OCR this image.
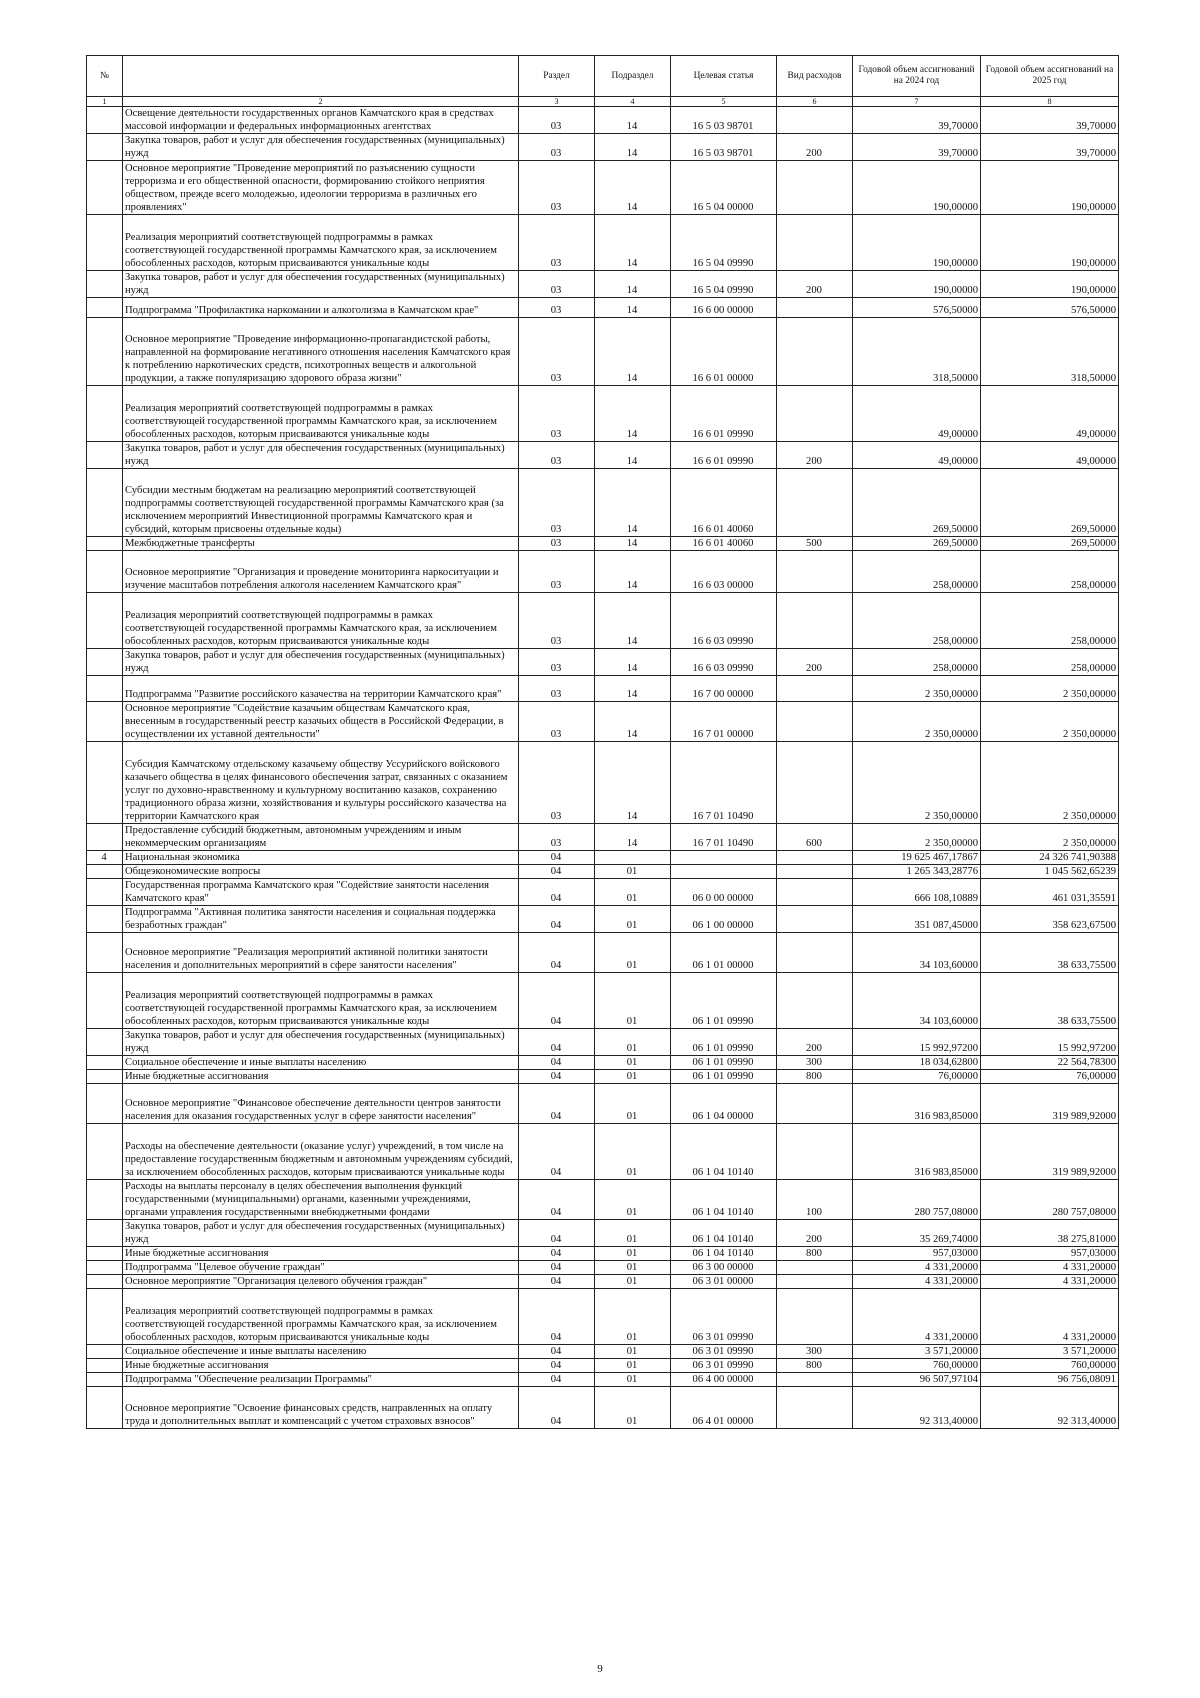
№		Раздел	Подраздел	Целевая статья	Вид расходов	Годовой объем ассигнований на 2024 год	Годовой объем ассигнований на 2025 год
1	2	3	4	5	6	7	8
	Освещение деятельности государственных органов Камчатского края в средствах массовой информации и федеральных информационных агентствах	03	14	16 5 03 98701		39,70000	39,70000
	Закупка товаров, работ и услуг для обеспечения государственных (муниципальных) нужд	03	14	16 5 03 98701	200	39,70000	39,70000
	Основное мероприятие "Проведение мероприятий по разъяснению сущности терроризма и его общественной опасности, формированию стойкого неприятия обществом, прежде всего молодежью, идеологии терроризма в различных его проявлениях"	03	14	16 5 04 00000		190,00000	190,00000
	Реализация мероприятий соответствующей подпрограммы в рамках соответствующей государственной программы Камчатского края, за исключением обособленных расходов, которым присваиваются уникальные коды	03	14	16 5 04 09990		190,00000	190,00000
	Закупка товаров, работ и услуг для обеспечения государственных (муниципальных) нужд	03	14	16 5 04 09990	200	190,00000	190,00000
	Подпрограмма "Профилактика наркомании и алкоголизма в Камчатском крае"	03	14	16 6 00 00000		576,50000	576,50000
	Основное мероприятие "Проведение информационно-пропагандистской работы, направленной на формирование негативного отношения населения Камчатского края к потреблению наркотических средств, психотропных веществ и алкогольной продукции, а также популяризацию здорового образа жизни"	03	14	16 6 01 00000		318,50000	318,50000
	Реализация мероприятий соответствующей подпрограммы в рамках соответствующей государственной программы Камчатского края, за исключением обособленных расходов, которым присваиваются уникальные коды	03	14	16 6 01 09990		49,00000	49,00000
	Закупка товаров, работ и услуг для обеспечения государственных (муниципальных) нужд	03	14	16 6 01 09990	200	49,00000	49,00000
	Субсидии местным бюджетам на реализацию мероприятий соответствующей подпрограммы соответствующей государственной программы Камчатского края (за исключением мероприятий Инвестиционной программы Камчатского края и субсидий, которым присвоены отдельные коды)	03	14	16 6 01 40060		269,50000	269,50000
	Межбюджетные трансферты	03	14	16 6 01 40060	500	269,50000	269,50000
	Основное мероприятие "Организация и проведение мониторинга наркоситуации и изучение масштабов потребления алкоголя населением Камчатского края"	03	14	16 6 03 00000		258,00000	258,00000
	Реализация мероприятий соответствующей подпрограммы в рамках соответствующей государственной программы Камчатского края, за исключением обособленных расходов, которым присваиваются уникальные коды	03	14	16 6 03 09990		258,00000	258,00000
	Закупка товаров, работ и услуг для обеспечения государственных (муниципальных) нужд	03	14	16 6 03 09990	200	258,00000	258,00000
	Подпрограмма "Развитие российского казачества на территории Камчатского края"	03	14	16 7 00 00000		2 350,00000	2 350,00000
	Основное мероприятие "Содействие казачьим обществам Камчатского края, внесенным в государственный реестр казачьих обществ в Российской Федерации, в осуществлении их уставной деятельности"	03	14	16 7 01 00000		2 350,00000	2 350,00000
	Субсидия Камчатскому отдельскому казачьему обществу Уссурийского войскового казачьего общества в целях финансового обеспечения затрат, связанных с оказанием услуг по духовно-нравственному и культурному воспитанию казаков, сохранению традиционного образа жизни, хозяйствования и культуры российского казачества на территории Камчатского края	03	14	16 7 01 10490		2 350,00000	2 350,00000
	Предоставление субсидий бюджетным, автономным учреждениям и иным некоммерческим организациям	03	14	16 7 01 10490	600	2 350,00000	2 350,00000
4	Национальная экономика	04				19 625 467,17867	24 326 741,90388
	Общеэкономические вопросы	04	01			1 265 343,28776	1 045 562,65239
	Государственная программа Камчатского края "Содействие занятости населения Камчатского края"	04	01	06 0 00 00000		666 108,10889	461 031,35591
	Подпрограмма "Активная политика занятости населения и социальная поддержка безработных граждан"	04	01	06 1 00 00000		351 087,45000	358 623,67500
	Основное мероприятие "Реализация мероприятий активной политики занятости населения и дополнительных мероприятий в сфере занятости населения"	04	01	06 1 01 00000		34 103,60000	38 633,75500
	Реализация мероприятий соответствующей подпрограммы в рамках соответствующей государственной программы Камчатского края, за исключением обособленных расходов, которым присваиваются уникальные коды	04	01	06 1 01 09990		34 103,60000	38 633,75500
	Закупка товаров, работ и услуг для обеспечения государственных (муниципальных) нужд	04	01	06 1 01 09990	200	15 992,97200	15 992,97200
	Социальное обеспечение и иные выплаты населению	04	01	06 1 01 09990	300	18 034,62800	22 564,78300
	Иные бюджетные ассигнования	04	01	06 1 01 09990	800	76,00000	76,00000
	Основное мероприятие "Финансовое обеспечение деятельности центров занятости населения для оказания государственных услуг в сфере занятости населения"	04	01	06 1 04 00000		316 983,85000	319 989,92000
	Расходы на обеспечение деятельности (оказание услуг) учреждений, в том числе на предоставление государственным бюджетным и автономным учреждениям субсидий, за исключением обособленных расходов, которым присваиваются уникальные коды	04	01	06 1 04 10140		316 983,85000	319 989,92000
	Расходы на выплаты персоналу в целях обеспечения выполнения функций государственными (муниципальными) органами, казенными учреждениями, органами управления государственными внебюджетными фондами	04	01	06 1 04 10140	100	280 757,08000	280 757,08000
	Закупка товаров, работ и услуг для обеспечения государственных (муниципальных) нужд	04	01	06 1 04 10140	200	35 269,74000	38 275,81000
	Иные бюджетные ассигнования	04	01	06 1 04 10140	800	957,03000	957,03000
	Подпрограмма "Целевое обучение граждан"	04	01	06 3 00 00000		4 331,20000	4 331,20000
	Основное мероприятие "Организация целевого обучения граждан"	04	01	06 3 01 00000		4 331,20000	4 331,20000
	Реализация мероприятий соответствующей подпрограммы в рамках соответствующей государственной программы Камчатского края, за исключением обособленных расходов, которым присваиваются уникальные коды	04	01	06 3 01 09990		4 331,20000	4 331,20000
	Социальное обеспечение и иные выплаты населению	04	01	06 3 01 09990	300	3 571,20000	3 571,20000
	Иные бюджетные ассигнования	04	01	06 3 01 09990	800	760,00000	760,00000
	Подпрограмма "Обеспечение реализации Программы"	04	01	06 4 00 00000		96 507,97104	96 756,08091
	Основное мероприятие "Освоение финансовых средств, направленных на оплату труда и дополнительных выплат и компенсаций с учетом страховых взносов"	04	01	06 4 01 00000		92 313,40000	92 313,40000
9
